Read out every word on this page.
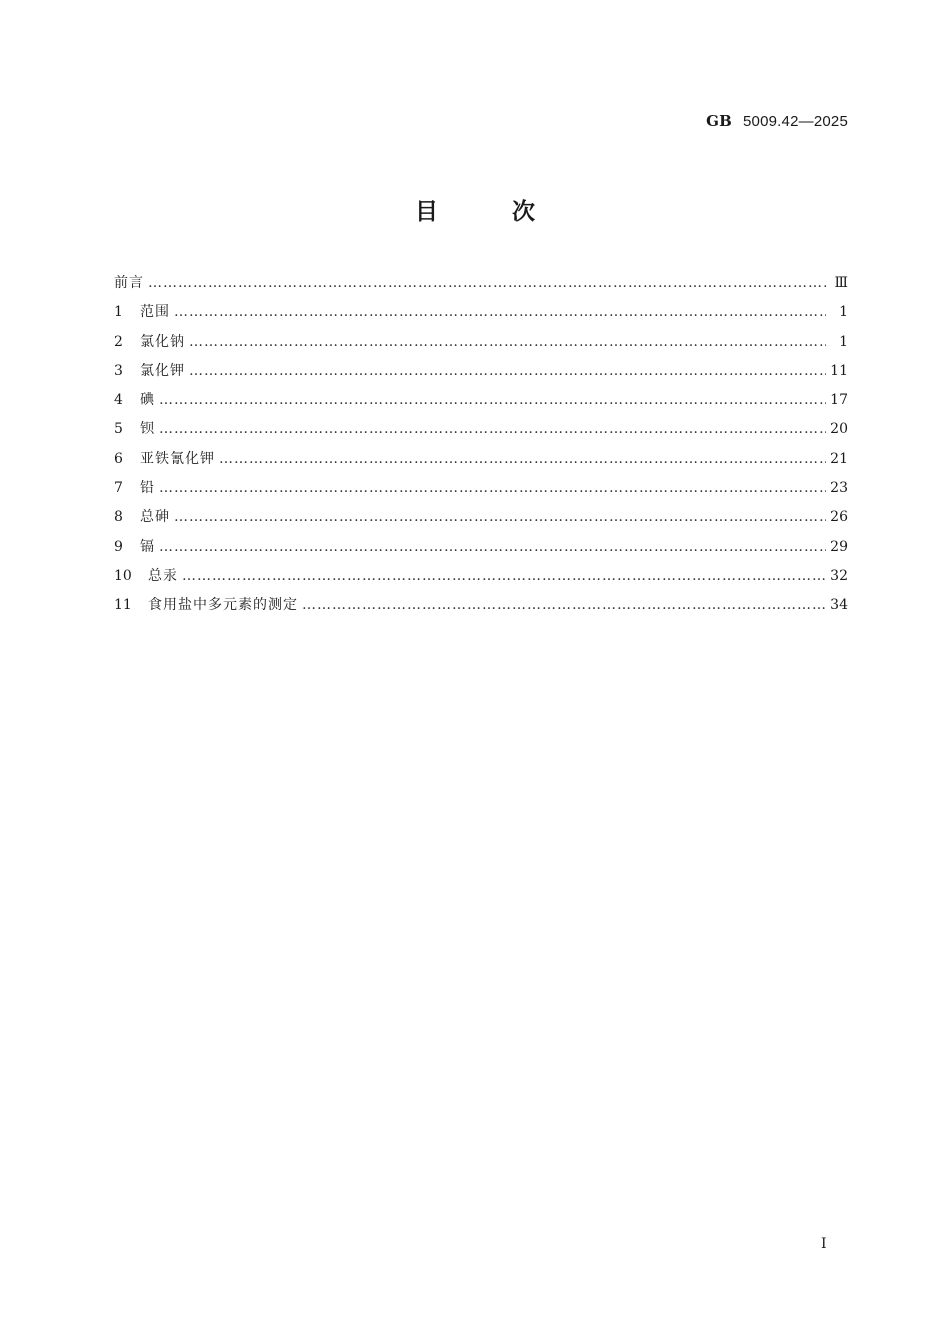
GB 5009.42—2025
目	次
前言 ………………………………………………………………………………………………………………………………………………………………………………………………	Ⅲ
1	范围 ………………………………………………………………………………………………………………………………………………………………………………………………	1
2	氯化钠 ………………………………………………………………………………………………………………………………………………………………………………………………	1
3	氯化钾 ………………………………………………………………………………………………………………………………………………………………………………………………	11
4	碘 ………………………………………………………………………………………………………………………………………………………………………………………………	17
5	钡 ………………………………………………………………………………………………………………………………………………………………………………………………	20
6	亚铁氰化钾 ………………………………………………………………………………………………………………………………………………………………………………………………	21
7	铅 ………………………………………………………………………………………………………………………………………………………………………………………………	23
8	总砷 ………………………………………………………………………………………………………………………………………………………………………………………………	26
9	镉 ………………………………………………………………………………………………………………………………………………………………………………………………	29
10	总汞 ………………………………………………………………………………………………………………………………………………………………………………………………	32
11	食用盐中多元素的测定 ………………………………………………………………………………………………………………………………………………………………………………………………	34
I
